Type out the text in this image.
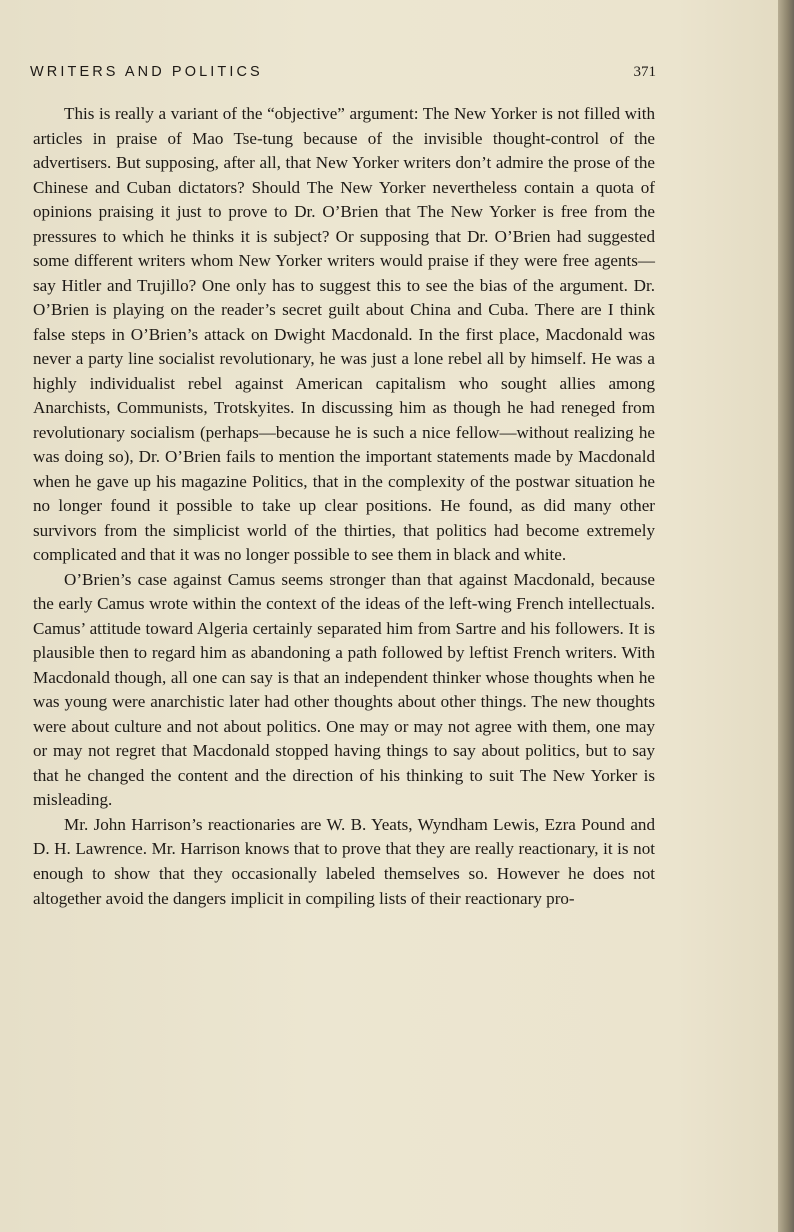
WRITERS AND POLITICS	371

This is really a variant of the “objective” argument: The New Yorker is not filled with articles in praise of Mao Tse-tung because of the invisible thought-control of the advertisers. But supposing, after all, that New Yorker writers don’t admire the prose of the Chinese and Cuban dictators? Should The New Yorker nevertheless contain a quota of opinions praising it just to prove to Dr. O’Brien that The New Yorker is free from the pressures to which he thinks it is subject? Or supposing that Dr. O’Brien had suggested some different writers whom New Yorker writers would praise if they were free agents—say Hitler and Trujillo? One only has to suggest this to see the bias of the argument. Dr. O’Brien is playing on the reader’s secret guilt about China and Cuba. There are I think false steps in O’Brien’s attack on Dwight Macdonald. In the first place, Macdonald was never a party line socialist revolutionary, he was just a lone rebel all by himself. He was a highly individualist rebel against American capitalism who sought allies among Anarchists, Communists, Trotskyites. In discussing him as though he had reneged from revolutionary socialism (perhaps—because he is such a nice fellow—without realizing he was doing so), Dr. O’Brien fails to mention the important statements made by Macdonald when he gave up his magazine Politics, that in the complexity of the postwar situation he no longer found it possible to take up clear positions. He found, as did many other survivors from the simplicist world of the thirties, that politics had become extremely complicated and that it was no longer possible to see them in black and white.

O’Brien’s case against Camus seems stronger than that against Macdonald, because the early Camus wrote within the context of the ideas of the left-wing French intellectuals. Camus’ attitude toward Algeria certainly separated him from Sartre and his followers. It is plausible then to regard him as abandoning a path followed by leftist French writers. With Macdonald though, all one can say is that an independent thinker whose thoughts when he was young were anarchistic later had other thoughts about other things. The new thoughts were about culture and not about politics. One may or may not agree with them, one may or may not regret that Macdonald stopped having things to say about politics, but to say that he changed the content and the direction of his thinking to suit The New Yorker is misleading.

Mr. John Harrison’s reactionaries are W. B. Yeats, Wyndham Lewis, Ezra Pound and D. H. Lawrence. Mr. Harrison knows that to prove that they are really reactionary, it is not enough to show that they occasionally labeled themselves so. However he does not altogether avoid the dangers implicit in compiling lists of their reactionary pro-
